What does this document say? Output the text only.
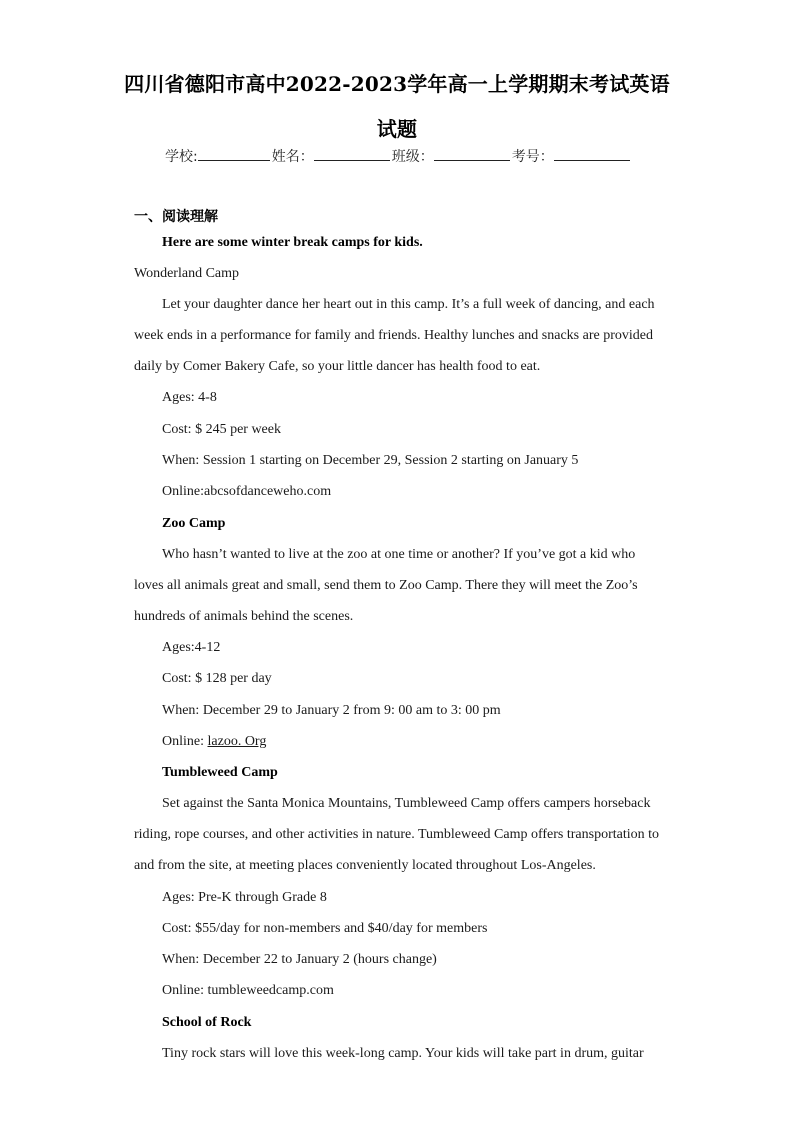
四川省德阳市高中2022-2023学年高一上学期期末考试英语
试题
学校:	姓名：	班级：	考号：
一、阅读理解
Here are some winter break camps for kids.
Wonderland Camp
Let your daughter dance her heart out in this camp. It’s a full week of dancing, and each
week ends in a performance for family and friends. Healthy lunches and snacks are provided
daily by Comer Bakery Cafe, so your little dancer has health food to eat.
Ages: 4-8
Cost: $ 245 per week
When: Session 1 starting on December 29, Session 2 starting on January 5
Online:abcsofdanceweho.com
Zoo Camp
Who hasn’t wanted to live at the zoo at one time or another? If you’ve got a kid who
loves all animals great and small, send them to Zoo Camp. There they will meet the Zoo’s
hundreds of animals behind the scenes.
Ages:4-12
Cost: $ 128 per day
When: December 29 to January 2 from 9: 00 am to 3: 00 pm
Online: lazoo. Org
Tumbleweed Camp
Set against the Santa Monica Mountains, Tumbleweed Camp offers campers horseback
riding, rope courses, and other activities in nature. Tumbleweed Camp offers transportation to
and from the site, at meeting places conveniently located throughout Los-Angeles.
Ages: Pre-K through Grade 8
Cost: $55/day for non-members and $40/day for members
When: December 22 to January 2 (hours change)
Online: tumbleweedcamp.com
School of Rock
Tiny rock stars will love this week-long camp. Your kids will take part in drum, guitar
